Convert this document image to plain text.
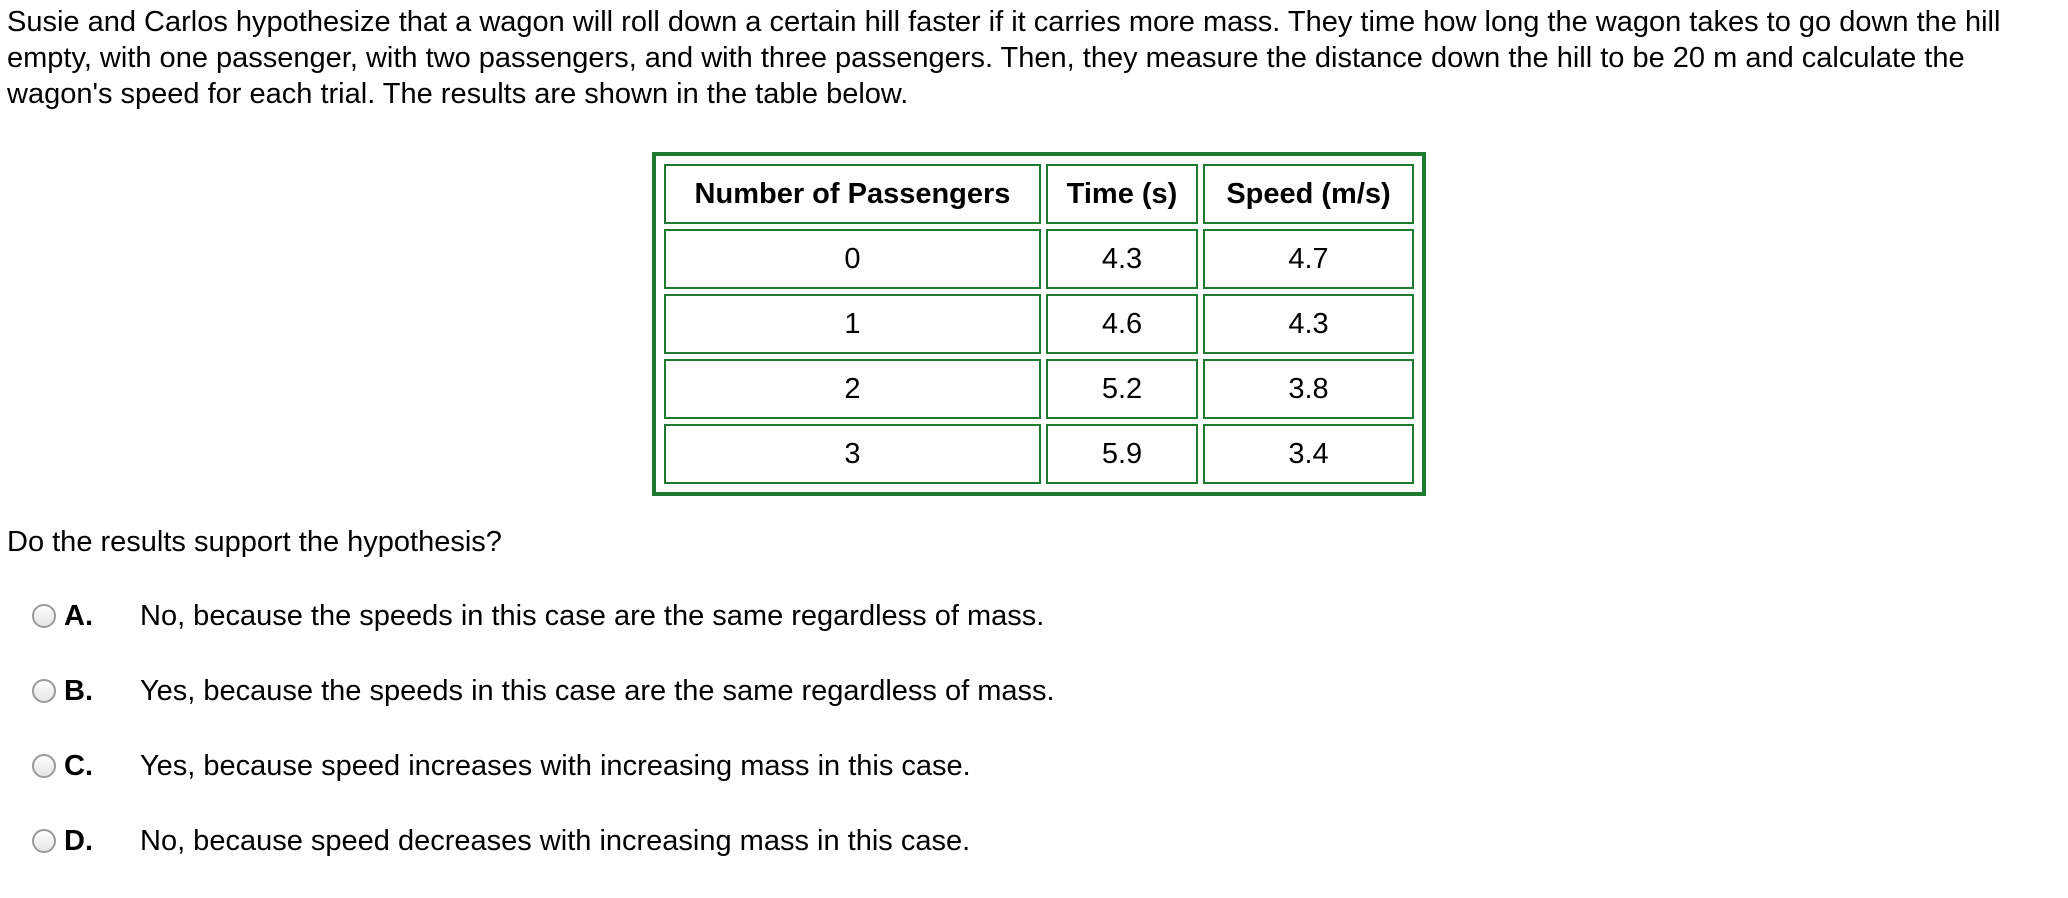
Susie and Carlos hypothesize that a wagon will roll down a certain hill faster if it carries more mass. They time how long the wagon takes to go down the hill empty, with one passenger, with two passengers, and with three passengers. Then, they measure the distance down the hill to be 20 m and calculate the wagon's speed for each trial. The results are shown in the table below.

Number of Passengers	Time (s)	Speed (m/s)
0	4.3	4.7
1	4.6	4.3
2	5.2	3.8
3	5.9	3.4

Do the results support the hypothesis?

A.	No, because the speeds in this case are the same regardless of mass.
B.	Yes, because the speeds in this case are the same regardless of mass.
C.	Yes, because speed increases with increasing mass in this case.
D.	No, because speed decreases with increasing mass in this case.
